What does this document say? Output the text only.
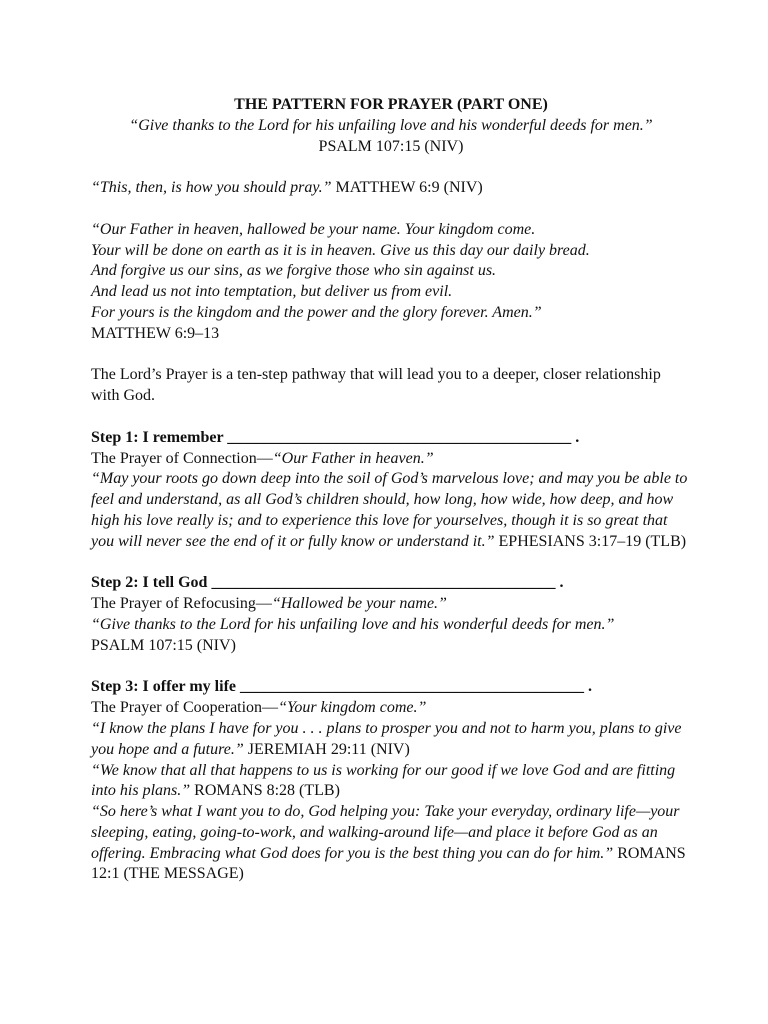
THE PATTERN FOR PRAYER (PART ONE)
“Give thanks to the Lord for his unfailing love and his wonderful deeds for men.”
PSALM 107:15 (NIV)
“This, then, is how you should pray.” MATTHEW 6:9 (NIV)
“Our Father in heaven, hallowed be your name. Your kingdom come.
Your will be done on earth as it is in heaven. Give us this day our daily bread.
And forgive us our sins, as we forgive those who sin against us.
And lead us not into temptation, but deliver us from evil.
For yours is the kingdom and the power and the glory forever. Amen.”
MATTHEW 6:9–13
The Lord’s Prayer is a ten-step pathway that will lead you to a deeper, closer relationship with God.
Step 1: I remember ___________________________________________ .
The Prayer of Connection—“Our Father in heaven.”
“May your roots go down deep into the soil of God’s marvelous love; and may you be able to feel and understand, as all God’s children should, how long, how wide, how deep, and how high his love really is; and to experience this love for yourselves, though it is so great that you will never see the end of it or fully know or understand it.” EPHESIANS 3:17–19 (TLB)
Step 2: I tell God ___________________________________________ .
The Prayer of Refocusing—“Hallowed be your name.”
“Give thanks to the Lord for his unfailing love and his wonderful deeds for men.”
PSALM 107:15 (NIV)
Step 3: I offer my life ___________________________________________ .
The Prayer of Cooperation—“Your kingdom come.”
“I know the plans I have for you . . . plans to prosper you and not to harm you, plans to give you hope and a future.” JEREMIAH 29:11 (NIV)
“We know that all that happens to us is working for our good if we love God and are fitting into his plans.” ROMANS 8:28 (TLB)
“So here’s what I want you to do, God helping you: Take your everyday, ordinary life—your sleeping, eating, going-to-work, and walking-around life—and place it before God as an offering. Embracing what God does for you is the best thing you can do for him.” ROMANS 12:1 (THE MESSAGE)
